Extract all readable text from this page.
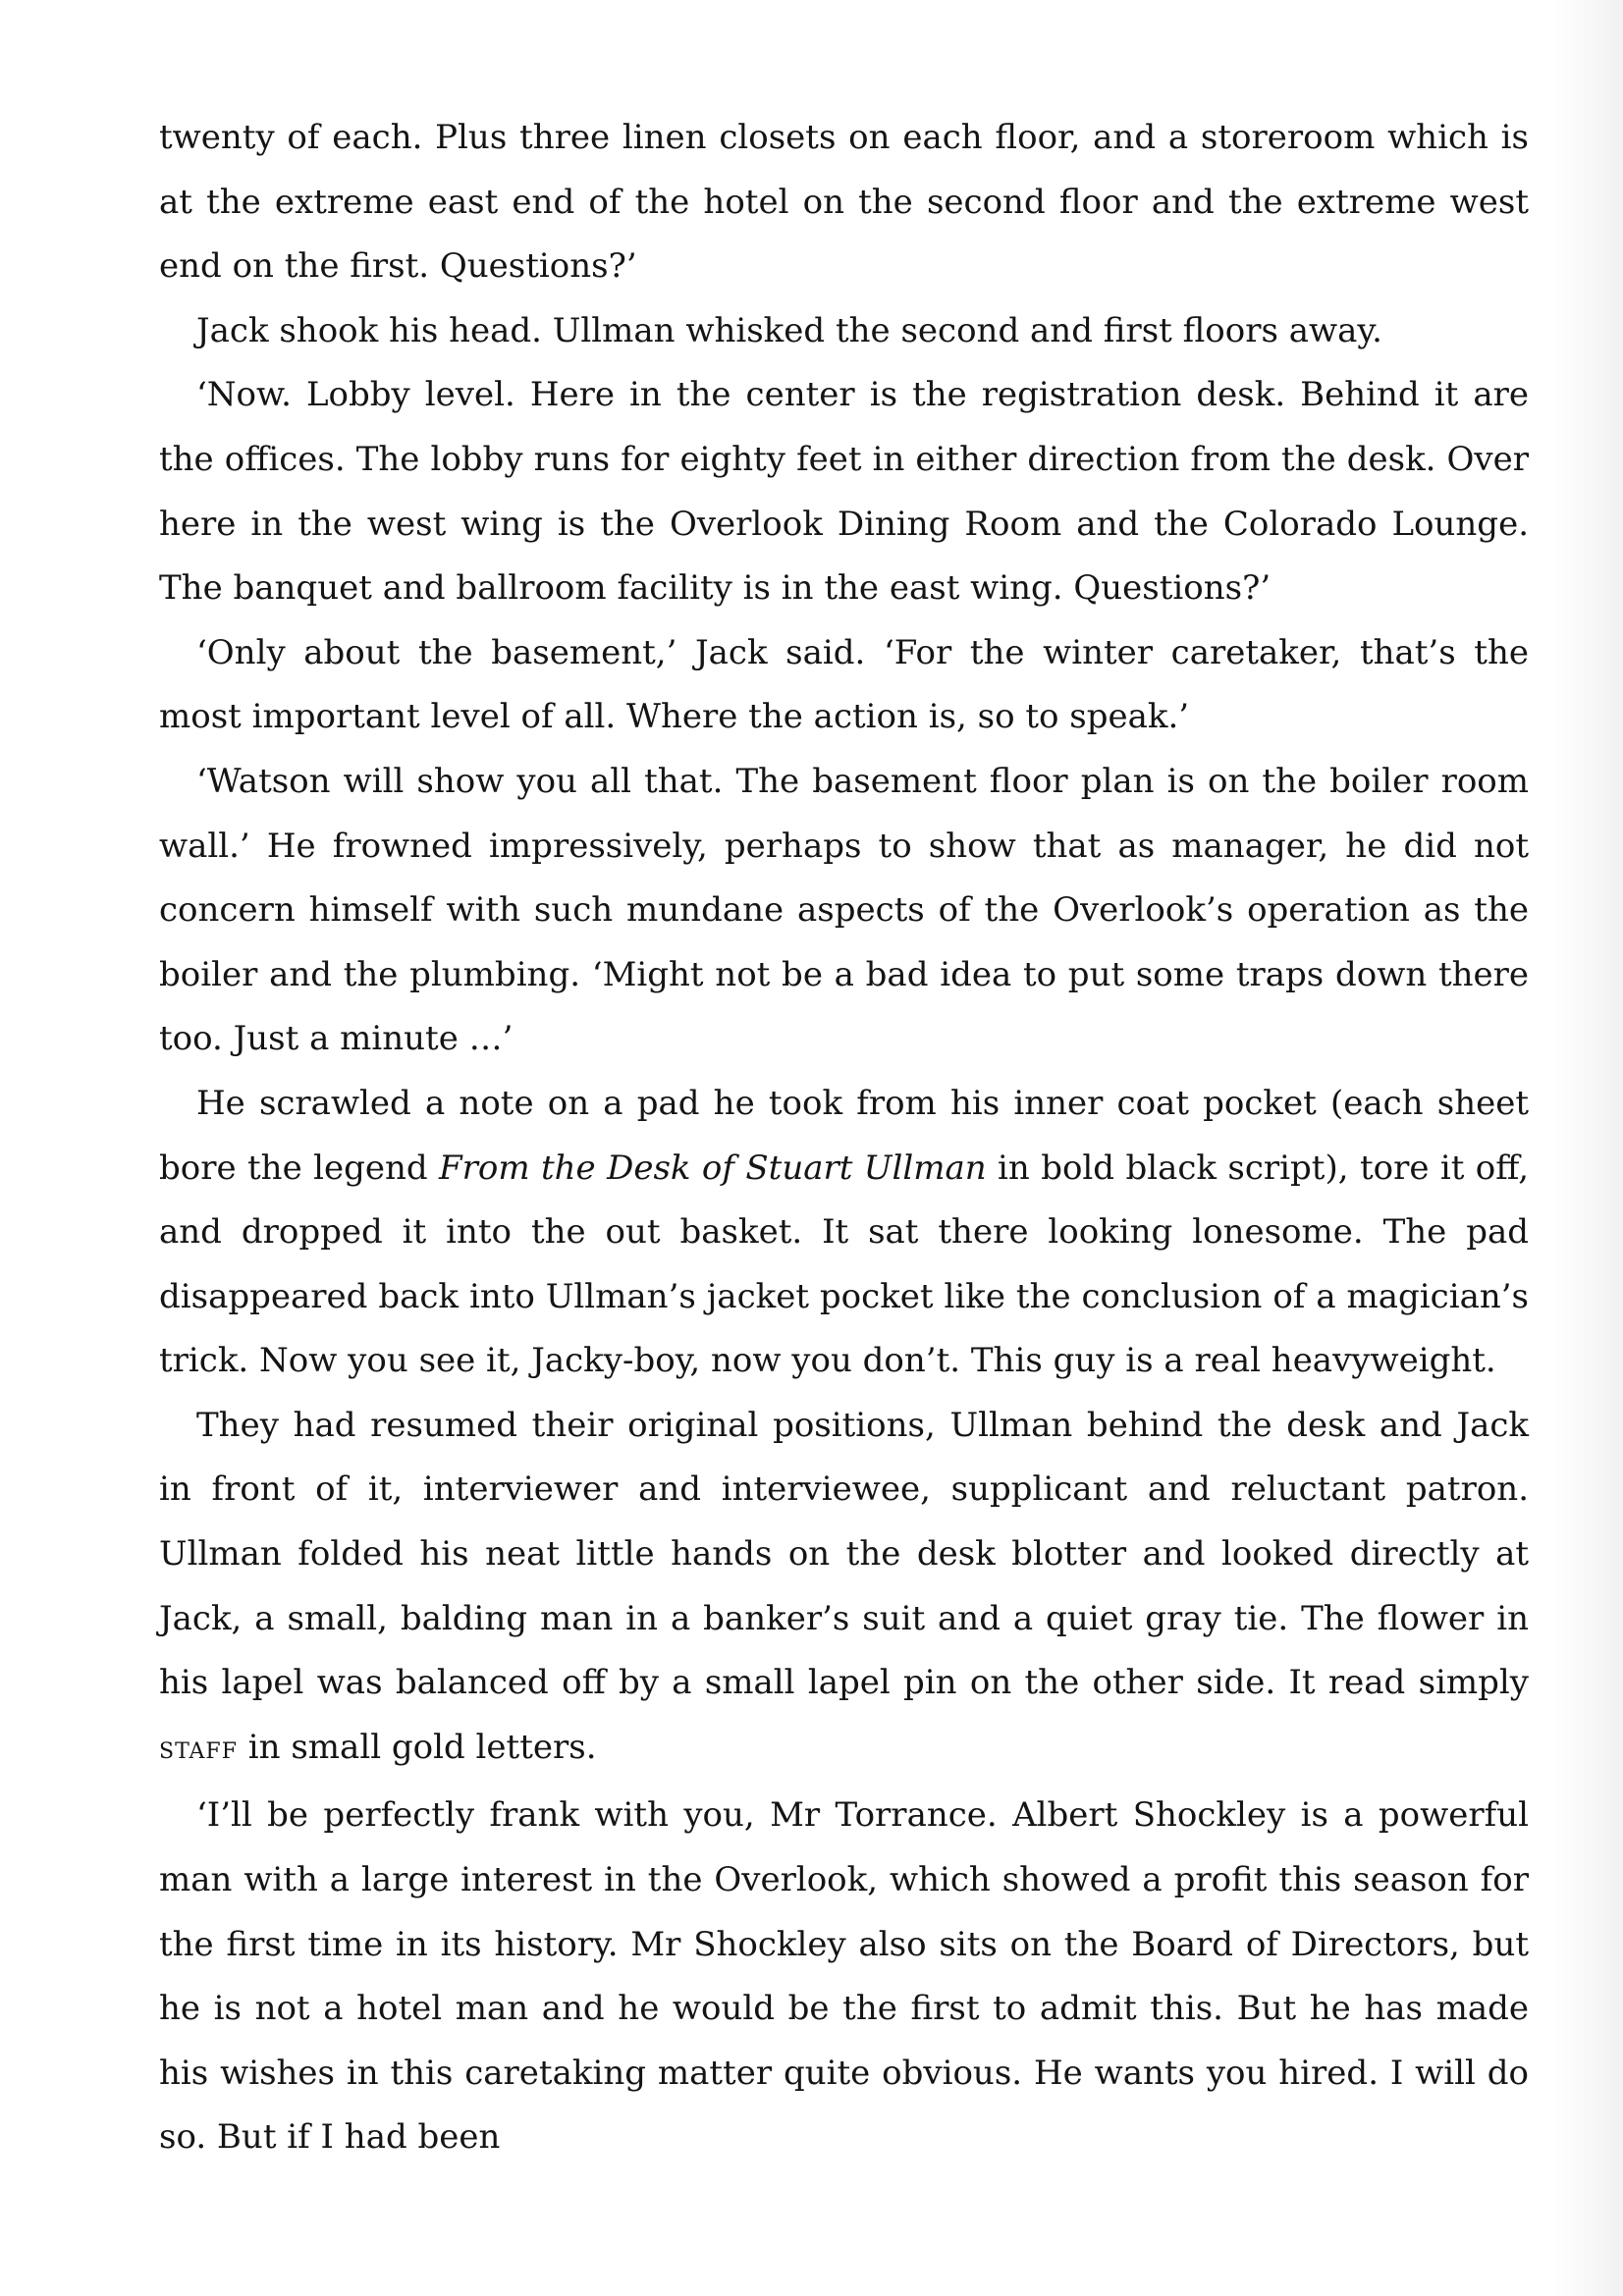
twenty of each. Plus three linen closets on each floor, and a storeroom which is at the extreme east end of the hotel on the second floor and the extreme west end on the first. Questions?’

Jack shook his head. Ullman whisked the second and first floors away.

‘Now. Lobby level. Here in the center is the registration desk. Behind it are the offices. The lobby runs for eighty feet in either direction from the desk. Over here in the west wing is the Overlook Dining Room and the Colorado Lounge. The banquet and ballroom facility is in the east wing. Questions?’

‘Only about the basement,’ Jack said. ‘For the winter caretaker, that’s the most important level of all. Where the action is, so to speak.’

‘Watson will show you all that. The basement floor plan is on the boiler room wall.’ He frowned impressively, perhaps to show that as manager, he did not concern himself with such mundane aspects of the Overlook’s operation as the boiler and the plumbing. ‘Might not be a bad idea to put some traps down there too. Just a minute …’

He scrawled a note on a pad he took from his inner coat pocket (each sheet bore the legend From the Desk of Stuart Ullman in bold black script), tore it off, and dropped it into the out basket. It sat there looking lonesome. The pad disappeared back into Ullman’s jacket pocket like the conclusion of a magician’s trick. Now you see it, Jacky-boy, now you don’t. This guy is a real heavyweight.

They had resumed their original positions, Ullman behind the desk and Jack in front of it, interviewer and interviewee, supplicant and reluctant patron. Ullman folded his neat little hands on the desk blotter and looked directly at Jack, a small, balding man in a banker’s suit and a quiet gray tie. The flower in his lapel was balanced off by a small lapel pin on the other side. It read simply STAFF in small gold letters.

‘I’ll be perfectly frank with you, Mr Torrance. Albert Shockley is a powerful man with a large interest in the Overlook, which showed a profit this season for the first time in its history. Mr Shockley also sits on the Board of Directors, but he is not a hotel man and he would be the first to admit this. But he has made his wishes in this caretaking matter quite obvious. He wants you hired. I will do so. But if I had been
